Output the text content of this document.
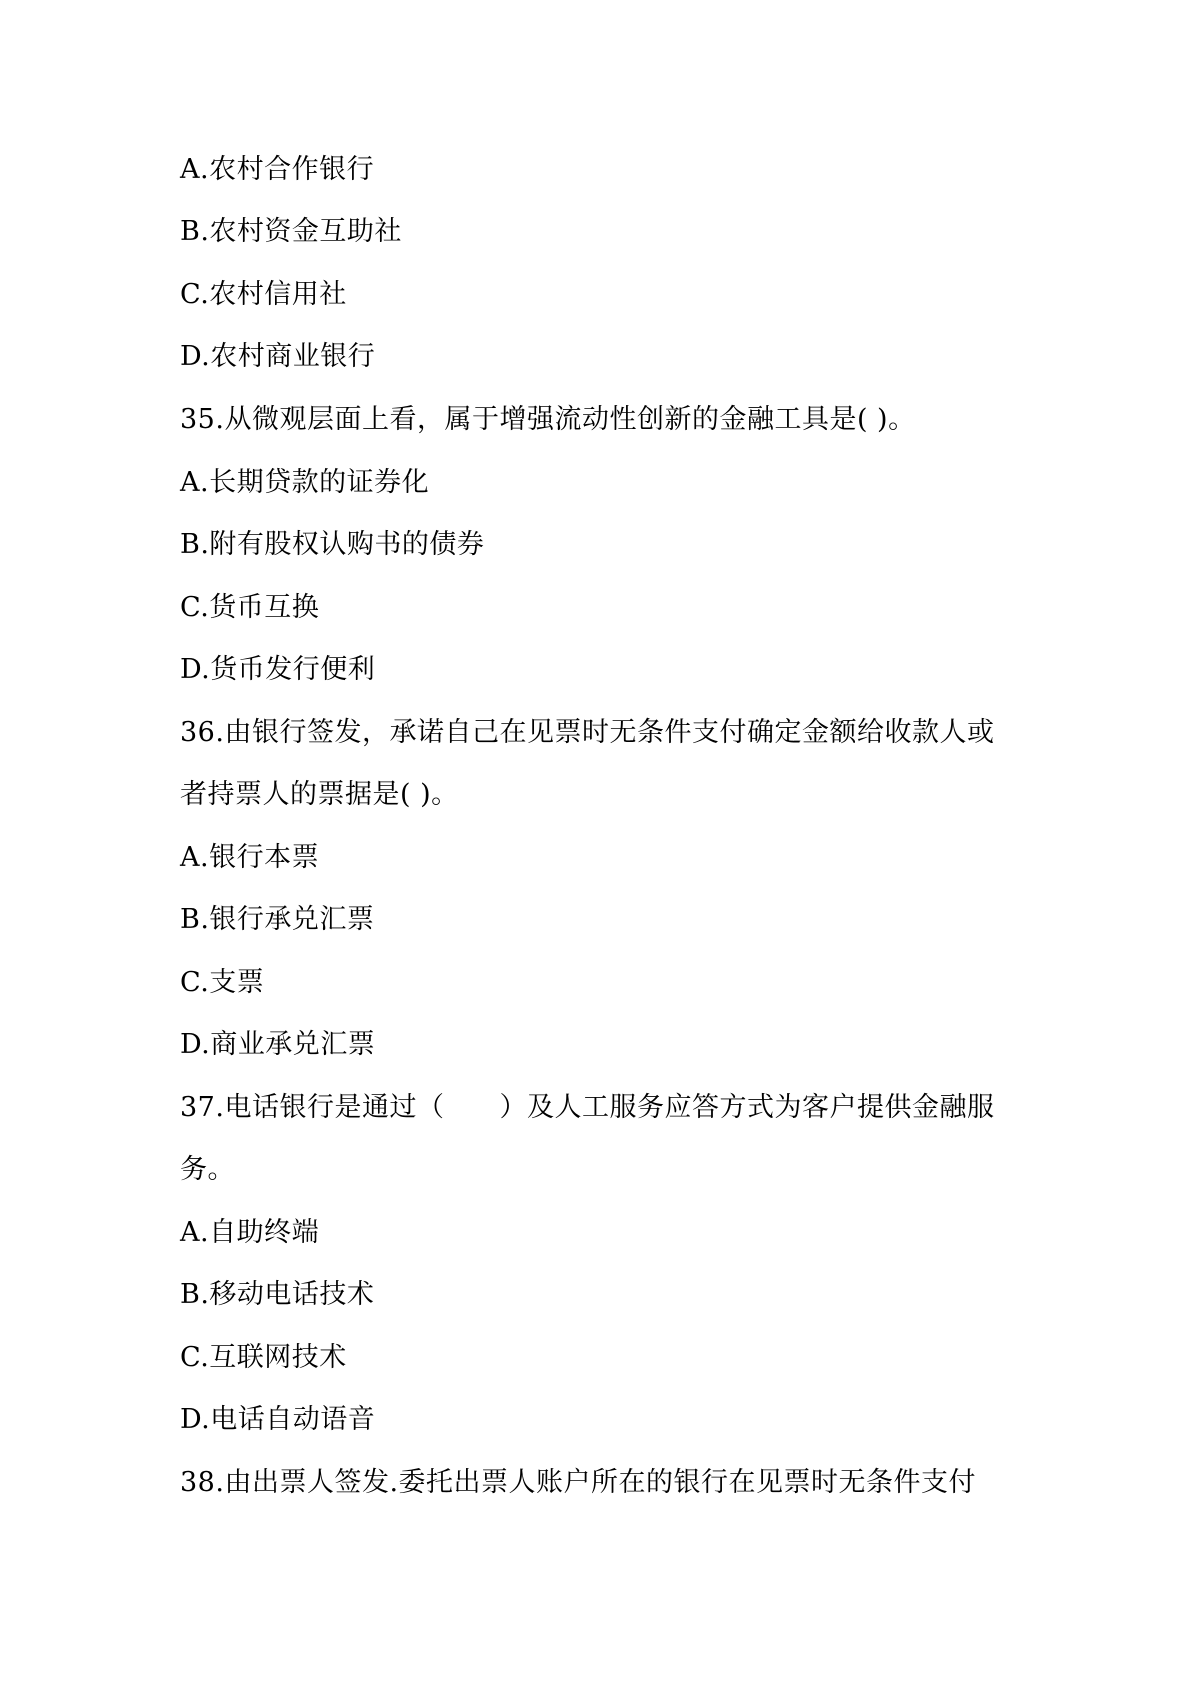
A.农村合作银行
B.农村资金互助社
C.农村信用社
D.农村商业银行
35.从微观层面上看，属于增强流动性创新的金融工具是( )。
A.长期贷款的证券化
B.附有股权认购书的债券
C.货币互换
D.货币发行便利
36.由银行签发，承诺自己在见票时无条件支付确定金额给收款人或
者持票人的票据是( )。
A.银行本票
B.银行承兑汇票
C.支票
D.商业承兑汇票
37.电话银行是通过（　　）及人工服务应答方式为客户提供金融服
务。
A.自助终端
B.移动电话技术
C.互联网技术
D.电话自动语音
38.由出票人签发.委托出票人账户所在的银行在见票时无条件支付
